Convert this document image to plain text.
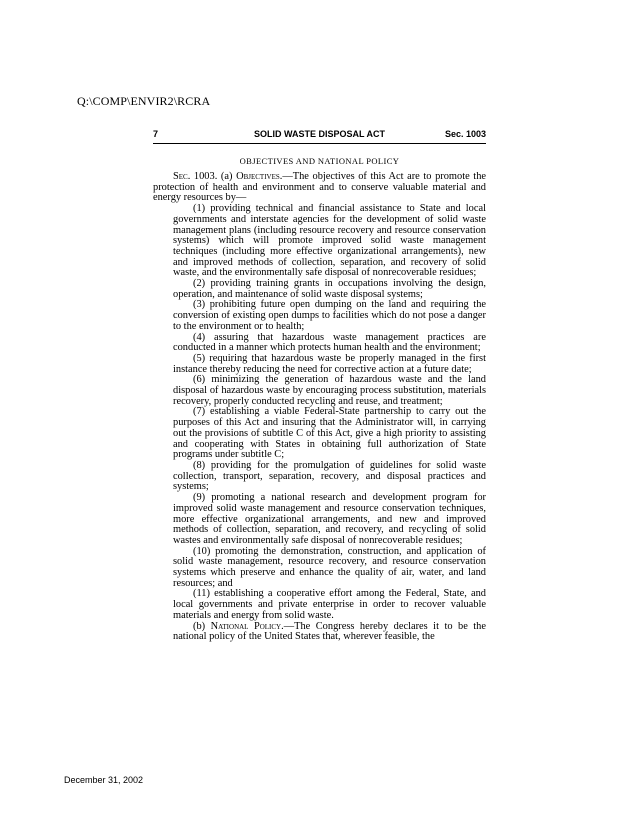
Q:\COMP\ENVIR2\RCRA
7	SOLID WASTE DISPOSAL ACT	Sec. 1003
OBJECTIVES AND NATIONAL POLICY

Sec. 1003. (a) Objectives.—The objectives of this Act are to promote the protection of health and environment and to conserve valuable material and energy resources by—

(1) providing technical and financial assistance to State and local governments and interstate agencies for the development of solid waste management plans (including resource recovery and resource conservation systems) which will promote improved solid waste management techniques (including more effective organizational arrangements), new and improved methods of collection, separation, and recovery of solid waste, and the environmentally safe disposal of nonrecoverable residues;

(2) providing training grants in occupations involving the design, operation, and maintenance of solid waste disposal systems;

(3) prohibiting future open dumping on the land and requiring the conversion of existing open dumps to facilities which do not pose a danger to the environment or to health;

(4) assuring that hazardous waste management practices are conducted in a manner which protects human health and the environment;

(5) requiring that hazardous waste be properly managed in the first instance thereby reducing the need for corrective action at a future date;

(6) minimizing the generation of hazardous waste and the land disposal of hazardous waste by encouraging process substitution, materials recovery, properly conducted recycling and reuse, and treatment;

(7) establishing a viable Federal-State partnership to carry out the purposes of this Act and insuring that the Administrator will, in carrying out the provisions of subtitle C of this Act, give a high priority to assisting and cooperating with States in obtaining full authorization of State programs under subtitle C;

(8) providing for the promulgation of guidelines for solid waste collection, transport, separation, recovery, and disposal practices and systems;

(9) promoting a national research and development program for improved solid waste management and resource conservation techniques, more effective organizational arrangements, and new and improved methods of collection, separation, and recovery, and recycling of solid wastes and environmentally safe disposal of nonrecoverable residues;

(10) promoting the demonstration, construction, and application of solid waste management, resource recovery, and resource conservation systems which preserve and enhance the quality of air, water, and land resources; and

(11) establishing a cooperative effort among the Federal, State, and local governments and private enterprise in order to recover valuable materials and energy from solid waste.

(b) National Policy.—The Congress hereby declares it to be the national policy of the United States that, wherever feasible, the

December 31, 2002
